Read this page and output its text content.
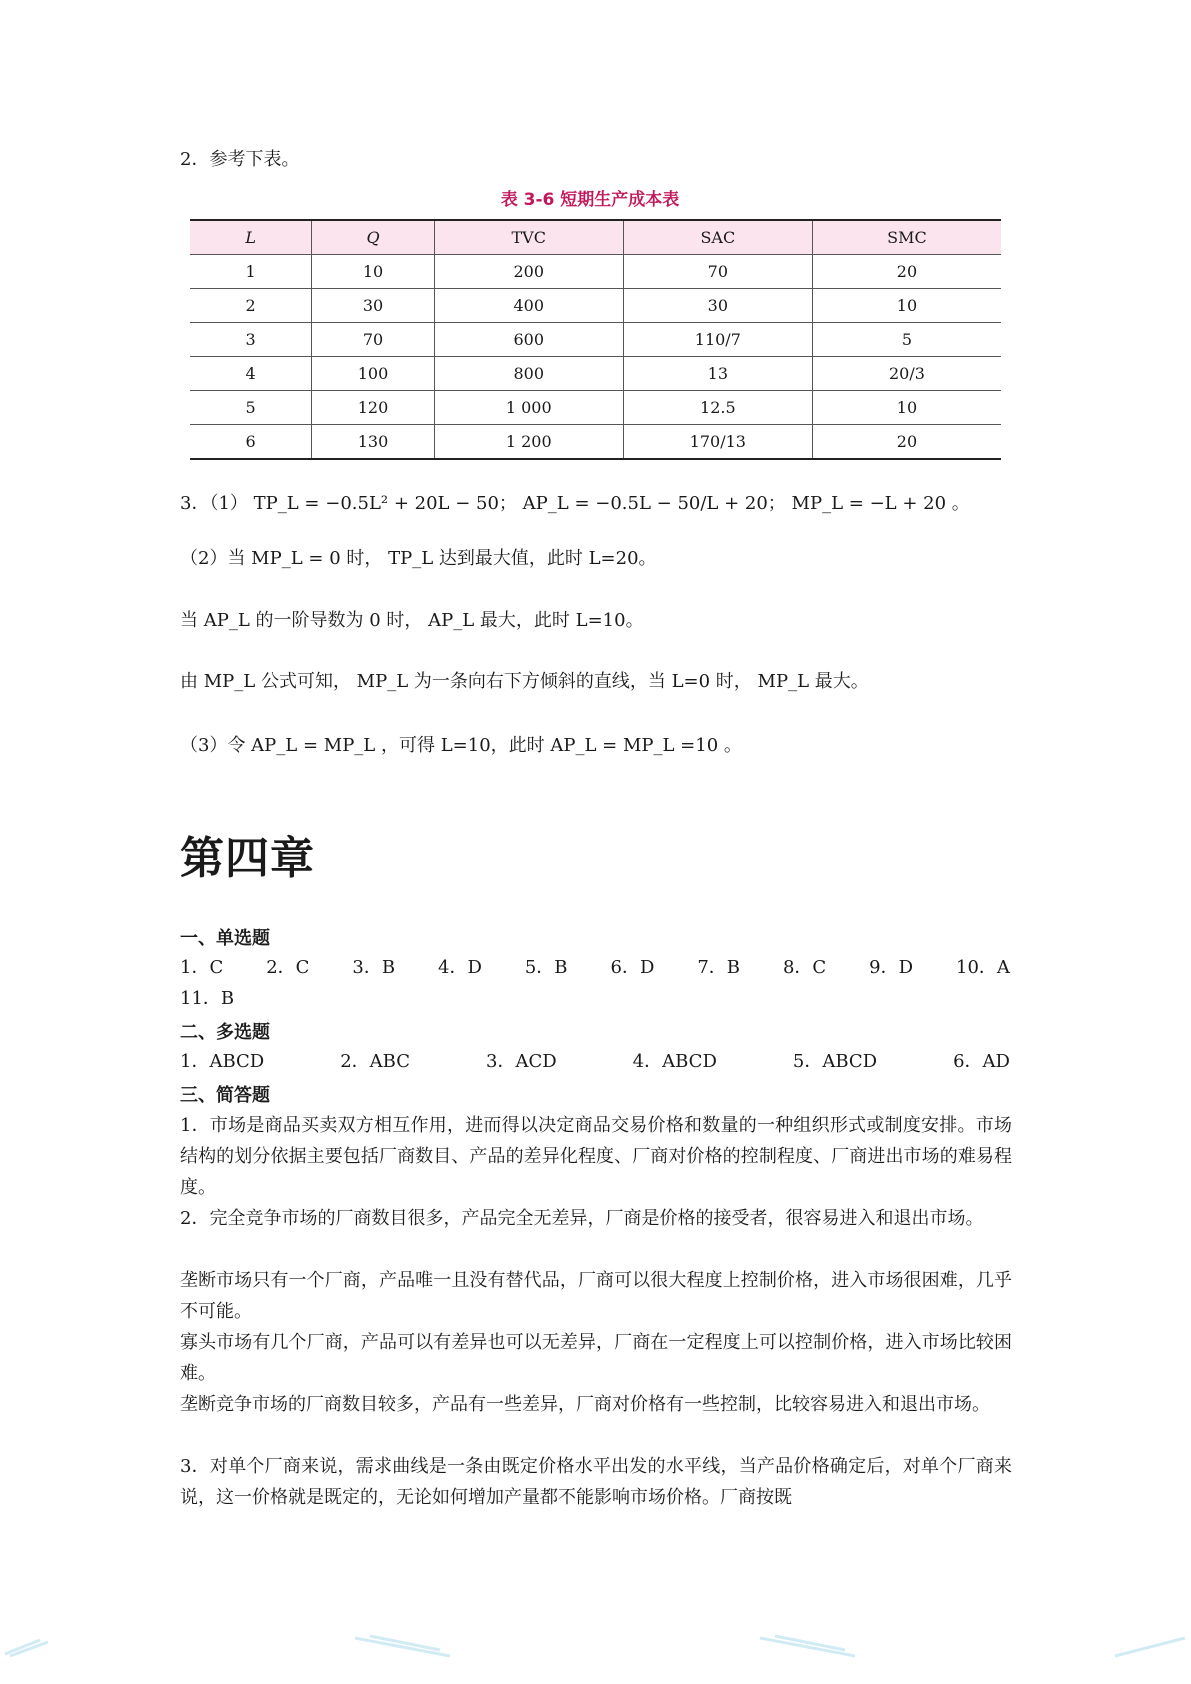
2．参考下表。
表 3-6 短期生产成本表
L	Q	TVC	SAC	SMC
1	10	200	70	20
2	30	400	30	10
3	70	600	110/7	5
4	100	800	13	20/3
5	120	1 000	12.5	10
6	130	1 200	170/13	20
3．（1） TP_L = −0.5L² + 20L − 50； AP_L = −0.5L − 50/L + 20； MP_L = −L + 20 。
（2）当 MP_L = 0 时， TP_L 达到最大值，此时 L=20。
当 AP_L 的一阶导数为 0 时， AP_L 最大，此时 L=10。
由 MP_L 公式可知， MP_L 为一条向右下方倾斜的直线，当 L=0 时， MP_L 最大。
（3）令 AP_L = MP_L ，可得 L=10，此时 AP_L = MP_L =10 。
第四章
一、单选题
1．C 2．C 3．B 4．D 5．B 6．D 7．B 8．C 9．D 10．A
11．B
二、多选题
1．ABCD	2．ABC	3．ACD	4．ABCD	5．ABCD	6．AD
三、简答题
1．市场是商品买卖双方相互作用，进而得以决定商品交易价格和数量的一种组织形式或制度安排。市场结构的划分依据主要包括厂商数目、产品的差异化程度、厂商对价格的控制程度、厂商进出市场的难易程度。
2．完全竞争市场的厂商数目很多，产品完全无差异，厂商是价格的接受者，很容易进入和退出市场。
垄断市场只有一个厂商，产品唯一且没有替代品，厂商可以很大程度上控制价格，进入市场很困难，几乎不可能。
寡头市场有几个厂商，产品可以有差异也可以无差异，厂商在一定程度上可以控制价格，进入市场比较困难。
垄断竞争市场的厂商数目较多，产品有一些差异，厂商对价格有一些控制，比较容易进入和退出市场。
3．对单个厂商来说，需求曲线是一条由既定价格水平出发的水平线，当产品价格确定后，对单个厂商来说，这一价格就是既定的，无论如何增加产量都不能影响市场价格。厂商按既
